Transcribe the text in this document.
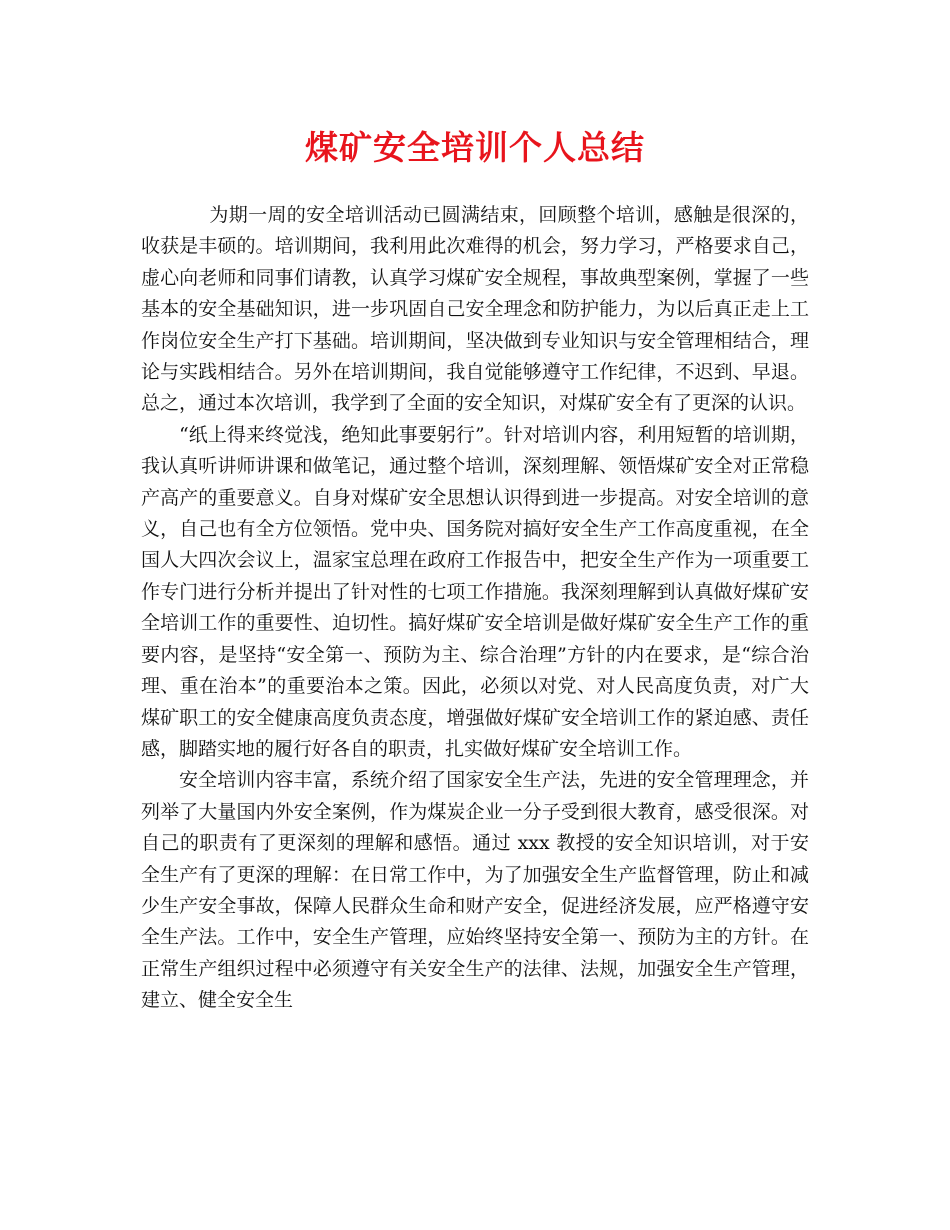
煤矿安全培训个人总结

为期一周的安全培训活动已圆满结束，回顾整个培训，感触是很深的，收获是丰硕的。培训期间，我利用此次难得的机会，努力学习，严格要求自己，虚心向老师和同事们请教，认真学习煤矿安全规程，事故典型案例，掌握了一些基本的安全基础知识，进一步巩固自己安全理念和防护能力，为以后真正走上工作岗位安全生产打下基础。培训期间，坚决做到专业知识与安全管理相结合，理论与实践相结合。另外在培训期间，我自觉能够遵守工作纪律，不迟到、早退。总之，通过本次培训，我学到了全面的安全知识，对煤矿安全有了更深的认识。

“纸上得来终觉浅，绝知此事要躬行”。针对培训内容，利用短暂的培训期，我认真听讲师讲课和做笔记，通过整个培训，深刻理解、领悟煤矿安全对正常稳产高产的重要意义。自身对煤矿安全思想认识得到进一步提高。对安全培训的意义，自己也有全方位领悟。党中央、国务院对搞好安全生产工作高度重视，在全国人大四次会议上，温家宝总理在政府工作报告中，把安全生产作为一项重要工作专门进行分析并提出了针对性的七项工作措施。我深刻理解到认真做好煤矿安全培训工作的重要性、迫切性。搞好煤矿安全培训是做好煤矿安全生产工作的重要内容，是坚持“安全第一、预防为主、综合治理”方针的内在要求，是“综合治理、重在治本”的重要治本之策。因此，必须以对党、对人民高度负责，对广大煤矿职工的安全健康高度负责态度，增强做好煤矿安全培训工作的紧迫感、责任感，脚踏实地的履行好各自的职责，扎实做好煤矿安全培训工作。

安全培训内容丰富，系统介绍了国家安全生产法，先进的安全管理理念，并列举了大量国内外安全案例，作为煤炭企业一分子受到很大教育，感受很深。对自己的职责有了更深刻的理解和感悟。通过 xxx 教授的安全知识培训，对于安全生产有了更深的理解：在日常工作中，为了加强安全生产监督管理，防止和减少生产安全事故，保障人民群众生命和财产安全，促进经济发展，应严格遵守安全生产法。工作中，安全生产管理，应始终坚持安全第一、预防为主的方针。在正常生产组织过程中必须遵守有关安全生产的法律、法规，加强安全生产管理，建立、健全安全生
